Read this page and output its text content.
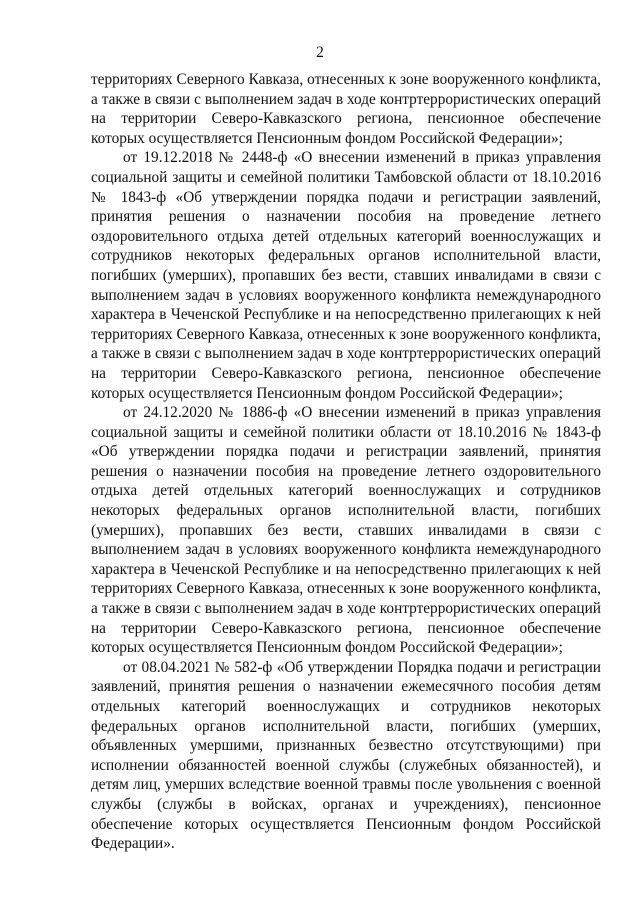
2

территориях Северного Кавказа, отнесенных к зоне вооруженного конфликта, а также в связи с выполнением задач в ходе контртеррористических операций на территории Северо-Кавказского региона, пенсионное обеспечение которых осуществляется Пенсионным фондом Российской Федерации»;

от 19.12.2018 № 2448-ф «О внесении изменений в приказ управления социальной защиты и семейной политики Тамбовской области от 18.10.2016 № 1843-ф «Об утверждении порядка подачи и регистрации заявлений, принятия решения о назначении пособия на проведение летнего оздоровительного отдыха детей отдельных категорий военнослужащих и сотрудников некоторых федеральных органов исполнительной власти, погибших (умерших), пропавших без вести, ставших инвалидами в связи с выполнением задач в условиях вооруженного конфликта немеждународного характера в Чеченской Республике и на непосредственно прилегающих к ней территориях Северного Кавказа, отнесенных к зоне вооруженного конфликта, а также в связи с выполнением задач в ходе контртеррористических операций на территории Северо-Кавказского региона, пенсионное обеспечение которых осуществляется Пенсионным фондом Российской Федерации»;

от 24.12.2020 № 1886-ф «О внесении изменений в приказ управления социальной защиты и семейной политики области от 18.10.2016 № 1843-ф «Об утверждении порядка подачи и регистрации заявлений, принятия решения о назначении пособия на проведение летнего оздоровительного отдыха детей отдельных категорий военнослужащих и сотрудников некоторых федеральных органов исполнительной власти, погибших (умерших), пропавших без вести, ставших инвалидами в связи с выполнением задач в условиях вооруженного конфликта немеждународного характера в Чеченской Республике и на непосредственно прилегающих к ней территориях Северного Кавказа, отнесенных к зоне вооруженного конфликта, а также в связи с выполнением задач в ходе контртеррористических операций на территории Северо-Кавказского региона, пенсионное обеспечение которых осуществляется Пенсионным фондом Российской Федерации»;

от 08.04.2021 № 582-ф «Об утверждении Порядка подачи и регистрации заявлений, принятия решения о назначении ежемесячного пособия детям отдельных категорий военнослужащих и сотрудников некоторых федеральных органов исполнительной власти, погибших (умерших, объявленных умершими, признанных безвестно отсутствующими) при исполнении обязанностей военной службы (служебных обязанностей), и детям лиц, умерших вследствие военной травмы после увольнения с военной службы (службы в войсках, органах и учреждениях), пенсионное обеспечение которых осуществляется Пенсионным фондом Российской Федерации».
